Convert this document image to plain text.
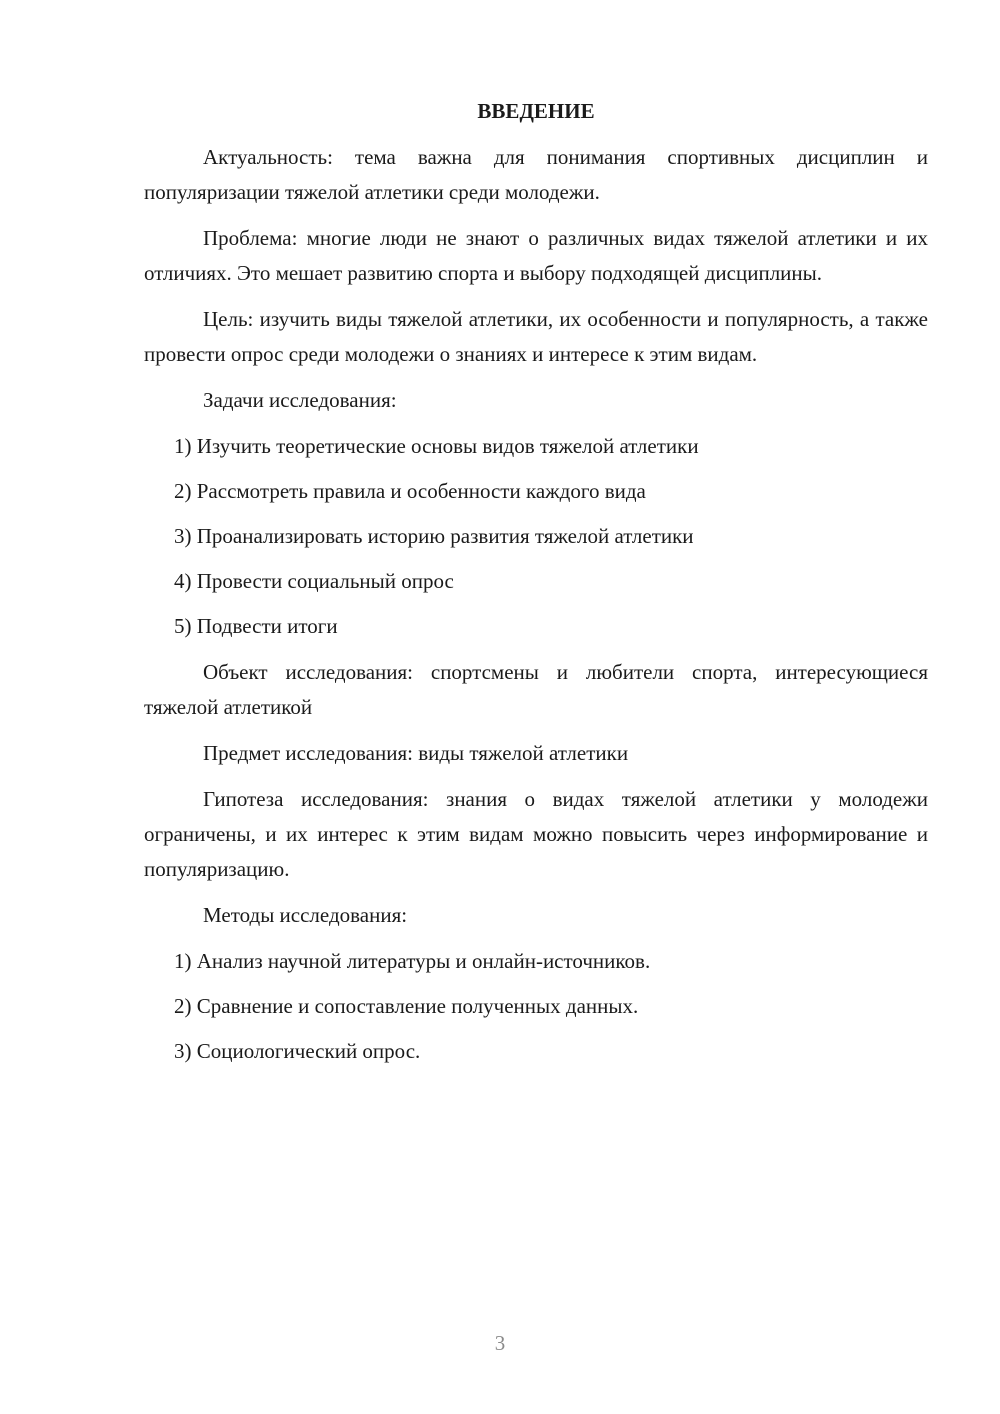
ВВЕДЕНИЕ

Актуальность: тема важна для понимания спортивных дисциплин и популяризации тяжелой атлетики среди молодежи.

Проблема: многие люди не знают о различных видах тяжелой атлетики и их отличиях. Это мешает развитию спорта и выбору подходящей дисциплины.

Цель: изучить виды тяжелой атлетики, их особенности и популярность, а также провести опрос среди молодежи о знаниях и интересе к этим видам.

Задачи исследования:

1) Изучить теоретические основы видов тяжелой атлетики
2) Рассмотреть правила и особенности каждого вида
3) Проанализировать историю развития тяжелой атлетики
4) Провести социальный опрос
5) Подвести итоги

Объект исследования: спортсмены и любители спорта, интересующиеся тяжелой атлетикой

Предмет исследования: виды тяжелой атлетики

Гипотеза исследования: знания о видах тяжелой атлетики у молодежи ограничены, и их интерес к этим видам можно повысить через информирование и популяризацию.

Методы исследования:

1) Анализ научной литературы и онлайн-источников.
2) Сравнение и сопоставление полученных данных.
3) Социологический опрос.
3
